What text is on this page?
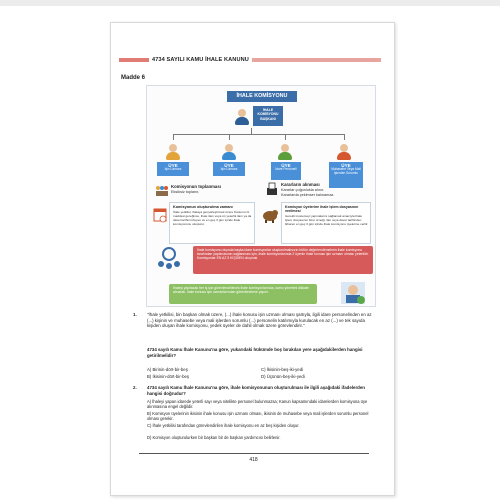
4734 SAYILI KAMU İHALE KANUNU
Madde 6
İHALE KOMİSYONU
İHALE
KOMİSYONU
BAŞKANI
ÜYE
İşin Uzmanı
ÜYE
İşin Uzmanı
ÜYE
İdare Personeli
ÜYE
Muhasebe Veya Mali İşlerden Sorumlu
Komisyonun toplanması
Eksiksiz toplanır,
Kararların alınması
Kararlar çoğunlukla alınır.
Kararlarda çekimser kalınamaz.
Komisyonun oluşturulma zamanı
İhale yetkilisi, ihalaya gerçekleştirmek üzere Kanunun 6. maddesi gereğince, ihale ilanı veya ön yeterlik ilanı ya da davet tarihini izleyen ve en geç 3 gün içinde ihale komisyonunu oluşturur.
Komisyon üyelerine ihale işlem dosyasının verilmesi
Gerekli incelemeyi yapmalarını sağlamak amacıyla ihale işlem dosyasının birer örneği, ilan veya davet tarihinden itibaren en geç 3 gün içinde ihale komisyonu üyelerine verilir.
İhale komisyonu dışında başka idare komisyonlar oluşturulmaksızın bütün değerlendirmelerin ihale komisyonu tarafından yapılmasının sağlanması için, ihale komisyonlarında 2 üyenin ihale konusu işin uzmanı olması yeterlidir. Komisyonlar EN AZ 5 KİŞİDEN oluşmalı.
İhaleyi yapılacak her iş için görevlendirilecek ihale komisyonlarında, kamu yönetimi dikkate alınarak, ihale konusu işin uzmanlarından görevlendirme yapılır.
1. "İhale yetkilisi, bin başkan olmak üzere, (...) ihale konusu işin uzmanı olması şartıyla, ilgili idare personelinden en az (...) kişinin ve muhasebe veya mali işlerden sorumlu (...) personelin katılımıyla kurulacak en az (...) ve tek sayıda kişiden oluşan ihale komisyonu, yedek üyeler de dahil olmak üzere görevlendirir."
4734 sayılı Kamu İhale Kanunu'na göre, yukarıdaki hükümde boş bırakılan yere aşağıdakilerden hangisi getirilmelidir?
A) Birinin-dört-bir-beş
B) İkisinin-dört-bir-beş
C) İkisinin-beş-iki-yedi
D) Üçünün-beş-iki-yedi
2. 4734 sayılı Kamu İhale Kanunu'na göre, ihale komisyonunun oluşturulması ile ilgili aşağıdaki ifadelerden hangisi doğrudur?
A) İhaleyi yapan idarede yeterli sayı veya nitelikte personel bulunmazsa; Kanun kapsamındaki idarelerden komisyona üye alınmasına engel değildir.
B) Komisyon üyelerinin ikisinin ihale konusu işin uzmanı olması, ikisinin de muhasebe veya mali işlerden sorumlu personel olması gerekir.
C) İhale yetkilisi tarafından görevlendirilen ihale komisyonu en az beş kişiden oluşur.
D) Komisyon oluşturulurken bir başkan bir de başkan yardımcısı belirlenir.
418
